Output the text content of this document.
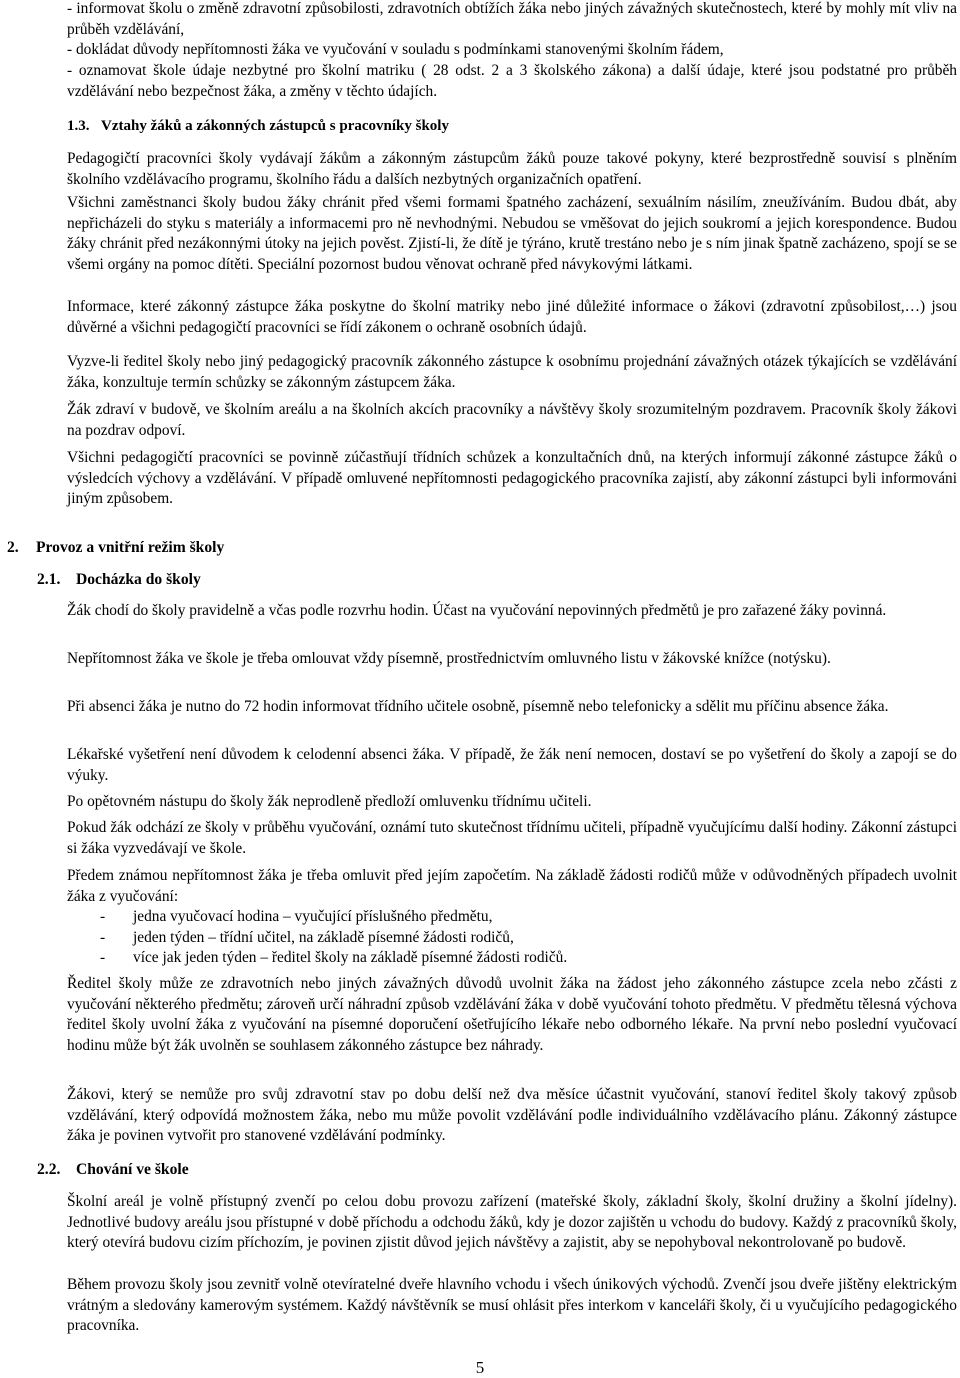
- informovat školu o změně zdravotní způsobilosti, zdravotních obtížích žáka nebo jiných závažných skutečnostech, které by mohly mít vliv na průběh vzdělávání,

- dokládat důvody nepřítomnosti žáka ve vyučování v souladu s podmínkami stanovenými školním řádem,

- oznamovat škole údaje nezbytné pro školní matriku ( 28 odst. 2 a 3 školského zákona) a další údaje, které jsou podstatné pro průběh vzdělávání nebo bezpečnost žáka, a změny v těchto údajích.

1.3. Vztahy žáků a zákonných zástupců s pracovníky školy

Pedagogičtí pracovníci školy vydávají žákům a zákonným zástupcům žáků pouze takové pokyny, které bezprostředně souvisí s plněním školního vzdělávacího programu, školního řádu a dalších nezbytných organizačních opatření.

Všichni zaměstnanci školy budou žáky chránit před všemi formami špatného zacházení, sexuálním násilím, zneužíváním. Budou dbát, aby nepřicházeli do styku s materiály a informacemi pro ně nevhodnými. Nebudou se vměšovat do jejich soukromí a jejich korespondence. Budou žáky chránit před nezákonnými útoky na jejich pověst. Zjistí-li, že dítě je týráno, krutě trestáno nebo je s ním jinak špatně zacházeno, spojí se se všemi orgány na pomoc dítěti. Speciální pozornost budou věnovat ochraně před návykovými látkami.

Informace, které zákonný zástupce žáka poskytne do školní matriky nebo jiné důležité informace o žákovi (zdravotní způsobilost,…) jsou důvěrné a všichni pedagogičtí pracovníci se řídí zákonem o ochraně osobních údajů.

Vyzve-li ředitel školy nebo jiný pedagogický pracovník zákonného zástupce k osobnímu projednání závažných otázek týkajících se vzdělávání žáka, konzultuje termín schůzky se zákonným zástupcem žáka.

Žák zdraví v budově, ve školním areálu a na školních akcích pracovníky a návštěvy školy srozumitelným pozdravem. Pracovník školy žákovi na pozdrav odpoví.

Všichni pedagogičtí pracovníci se povinně zúčastňují třídních schůzek a konzultačních dnů, na kterých informují zákonné zástupce žáků o výsledcích výchovy a vzdělávání. V případě omluvené nepřítomnosti pedagogického pracovníka zajistí, aby zákonní zástupci byli informováni jiným způsobem.

2. Provoz a vnitřní režim školy
2.1. Docházka do školy

Žák chodí do školy pravidelně a včas podle rozvrhu hodin. Účast na vyučování nepovinných předmětů je pro zařazené žáky povinná.

Nepřítomnost žáka ve škole je třeba omlouvat vždy písemně, prostřednictvím omluvného listu v žákovské knížce (notýsku).

Při absenci žáka je nutno do 72 hodin informovat třídního učitele osobně, písemně nebo telefonicky a sdělit mu příčinu absence žáka.

Lékařské vyšetření není důvodem k celodenní absenci žáka. V případě, že žák není nemocen, dostaví se po vyšetření do školy a zapojí se do výuky.

Po opětovném nástupu do školy žák neprodleně předloží omluvenku třídnímu učiteli.

Pokud žák odchází ze školy v průběhu vyučování, oznámí tuto skutečnost třídnímu učiteli, případně vyučujícímu další hodiny. Zákonní zástupci si žáka vyzvedávají ve škole.

Předem známou nepřítomnost žáka je třeba omluvit před jejím započetím. Na základě žádosti rodičů může v odůvodněných případech uvolnit žáka z vyučování:

- jedna vyučovací hodina – vyučující příslušného předmětu,
- jeden týden – třídní učitel, na základě písemné žádosti rodičů,
- více jak jeden týden – ředitel školy na základě písemné žádosti rodičů.

Ředitel školy může ze zdravotních nebo jiných závažných důvodů uvolnit žáka na žádost jeho zákonného zástupce zcela nebo zčásti z vyučování některého předmětu; zároveň určí náhradní způsob vzdělávání žáka v době vyučování tohoto předmětu. V předmětu tělesná výchova ředitel školy uvolní žáka z vyučování na písemné doporučení ošetřujícího lékaře nebo odborného lékaře. Na první nebo poslední vyučovací hodinu může být žák uvolněn se souhlasem zákonného zástupce bez náhrady.

Žákovi, který se nemůže pro svůj zdravotní stav po dobu delší než dva měsíce účastnit vyučování, stanoví ředitel školy takový způsob vzdělávání, který odpovídá možnostem žáka, nebo mu může povolit vzdělávání podle individuálního vzdělávacího plánu. Zákonný zástupce žáka je povinen vytvořit pro stanovené vzdělávání podmínky.

2.2. Chování ve škole

Školní areál je volně přístupný zvenčí po celou dobu provozu zařízení (mateřské školy, základní školy, školní družiny a školní jídelny). Jednotlivé budovy areálu jsou přístupné v době příchodu a odchodu žáků, kdy je dozor zajištěn u vchodu do budovy. Každý z pracovníků školy, který otevírá budovu cizím příchozím, je povinen zjistit důvod jejich návštěvy a zajistit, aby se nepohyboval nekontrolovaně po budově.

Během provozu školy jsou zevnitř volně otevíratelné dveře hlavního vchodu i všech únikových východů. Zvenčí jsou dveře jištěny elektrickým vrátným a sledovány kamerovým systémem. Každý návštěvník se musí ohlásit přes interkom v kanceláři školy, či u vyučujícího pedagogického pracovníka.

5
